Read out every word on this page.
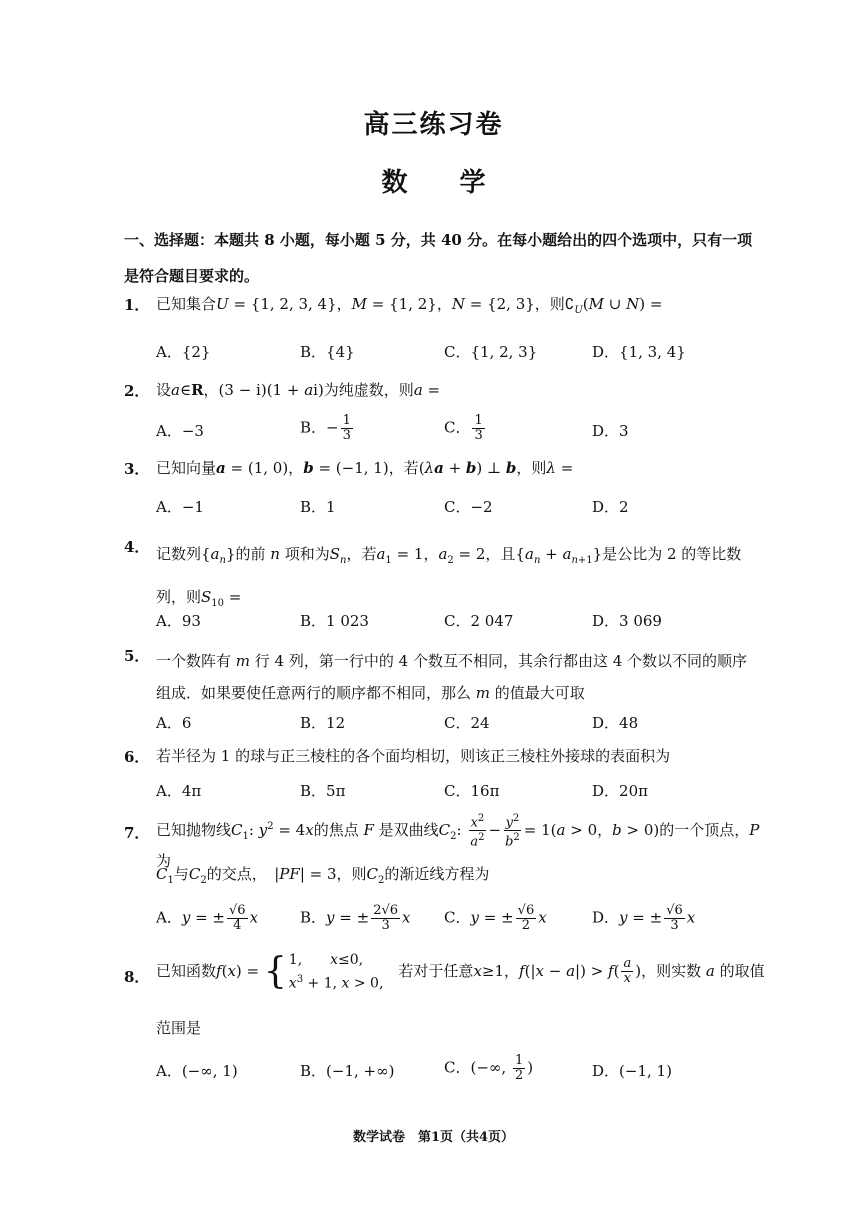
高三练习卷
数　　学
一、选择题：本题共 8 小题，每小题 5 分，共 40 分。在每小题给出的四个选项中，只有一项是符合题目要求的。
1． 已知集合U = {1, 2, 3, 4}，M = {1, 2}，N = {2, 3}，则$∁_U(M$ ∪ N) =
A．{2}	B．{4}	C．{1, 2, 3}	D．{1, 3, 4}
2． 设a∈R，(3 − i)(1 + ai)为纯虚数，则a =
A．−3	B．− $\frac{1}{3}$	C． $\frac{1}{3}$	D．3
3． 已知向量a = (1, 0)，b = (−1, 1)，若(λa + b) ⊥ b，则λ =
A．−1	B．1	C．−2	D．2
4． 记数列$\{a_n\}$的前 n 项和为$S_n$，若$a_1 = 1$，$a_2 = 2$，且$\{a_n + a_{n+1}\}$是公比为 2 的等比数列，则$S_{10}$ =
A．93	B．1 023	C．2 047	D．3 069
5． 一个数阵有 m 行 4 列，第一行中的 4 个数互不相同，其余行都由这 4 个数以不同的顺序组成．如果要使任意两行的顺序都不相同，那么 m 的值最大可取
A．6	B．12	C．24	D．48
6． 若半径为 1 的球与正三棱柱的各个面均相切，则该正三棱柱外接球的表面积为
A．4π	B．5π	C．16π	D．20π
7． 已知抛物线$C_1$: $y^2 = 4x$的焦点 F 是双曲线$C_2$: $\frac{x^2}{a^2} - \frac{y^2}{b^2} = 1(a > 0$，b > 0)的一个顶点，P 为
$C_1$与$C_2$的交点，　|PF| = 3，则$C_2$的渐近线方程为
A．y = ± $\frac{√6}{4}$ x	B．y = ± $\frac{2√6}{3}$ x C．y = ± $\frac{√6}{2}$ x	D．y = ± $\frac{√6}{3}$ x
8． 已知函数f(x) = { 1,　　x≤0,
$x^3 + 1$, x > 0,
　若对于任意x≥1，$f(|x - a|) > f( \frac{a}{x}$ )，则实数 a 的取值
范围是
A．(−∞, 1)	B．(−1, +∞)	C．(−∞, $\frac{1}{2}$ )	D．(−1, 1)
数学试卷　第1页（共4页）
